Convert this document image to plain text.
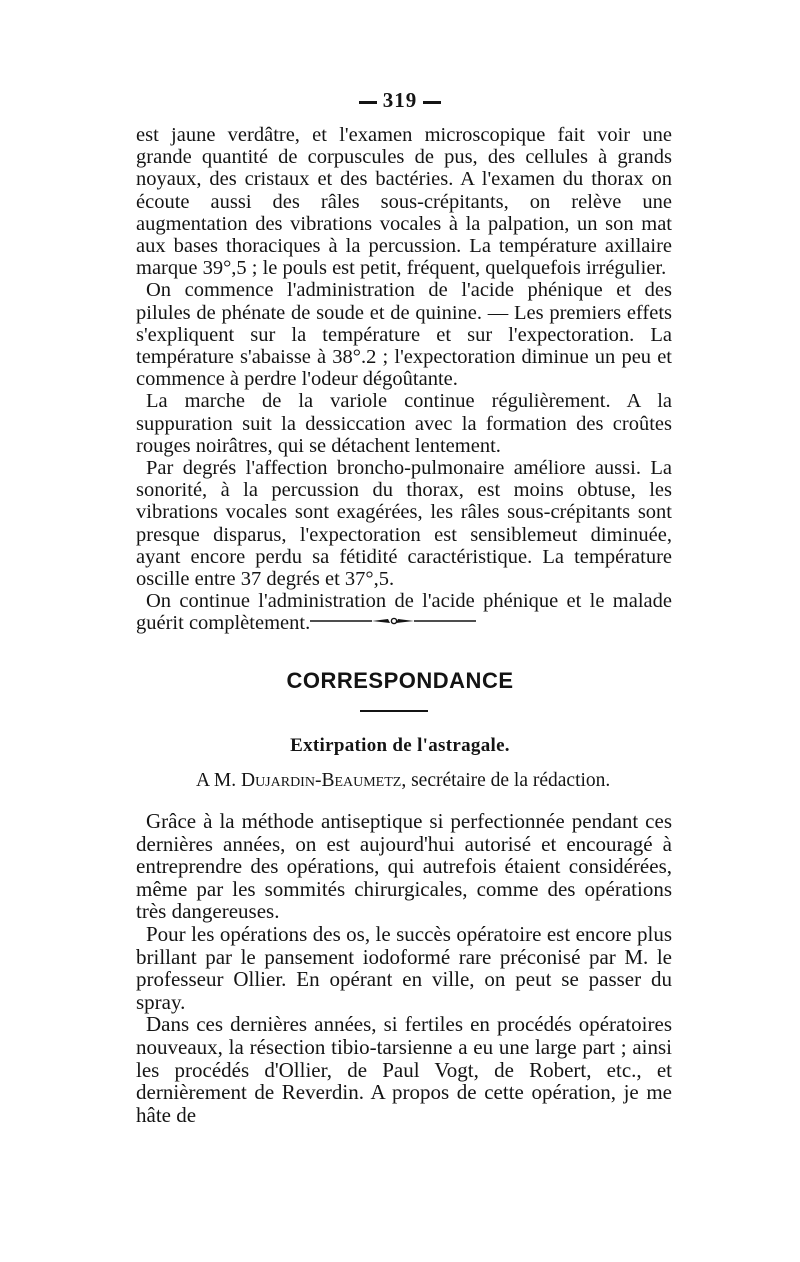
319

est jaune verdâtre, et l'examen microscopique fait voir une grande quantité de corpuscules de pus, des cellules à grands noyaux, des cristaux et des bactéries. A l'examen du thorax on écoute aussi des râles sous-crépitants, on relève une augmentation des vibrations vocales à la palpation, un son mat aux bases thoraciques à la percussion. La température axillaire marque 39°,5 ; le pouls est petit, fréquent, quelquefois irrégulier.

On commence l'administration de l'acide phénique et des pilules de phénate de soude et de quinine. — Les premiers effets s'expliquent sur la température et sur l'expectoration. La température s'abaisse à 38°.2 ; l'expectoration diminue un peu et commence à perdre l'odeur dégoûtante.

La marche de la variole continue régulièrement. A la suppuration suit la dessiccation avec la formation des croûtes rouges noirâtres, qui se détachent lentement.

Par degrés l'affection broncho-pulmonaire améliore aussi. La sonorité, à la percussion du thorax, est moins obtuse, les vibrations vocales sont exagérées, les râles sous-crépitants sont presque disparus, l'expectoration est sensiblemeut diminuée, ayant encore perdu sa fétidité caractéristique. La température oscille entre 37 degrés et 37°,5.

On continue l'administration de l'acide phénique et le malade guérit complètement.

CORRESPONDANCE
Extirpation de l'astragale.
A M. Dujardin-Beaumetz, secrétaire de la rédaction.

Grâce à la méthode antiseptique si perfectionnée pendant ces dernières années, on est aujourd'hui autorisé et encouragé à entreprendre des opérations, qui autrefois étaient considérées, même par les sommités chirurgicales, comme des opérations très dangereuses.

Pour les opérations des os, le succès opératoire est encore plus brillant par le pansement iodoformé rare préconisé par M. le professeur Ollier. En opérant en ville, on peut se passer du spray.

Dans ces dernières années, si fertiles en procédés opératoires nouveaux, la résection tibio-tarsienne a eu une large part ; ainsi les procédés d'Ollier, de Paul Vogt, de Robert, etc., et dernièrement de Reverdin. A propos de cette opération, je me hâte de
